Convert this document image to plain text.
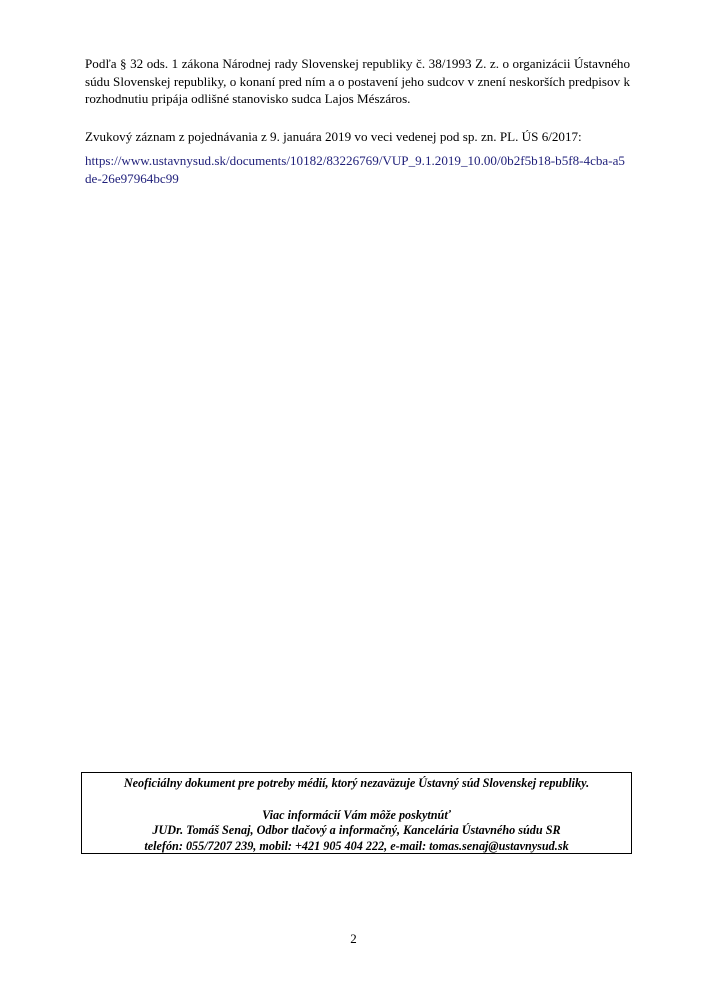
Podľa § 32 ods. 1 zákona Národnej rady Slovenskej republiky č. 38/1993 Z. z. o organizácii Ústavného súdu Slovenskej republiky, o konaní pred ním a o postavení jeho sudcov v znení neskorších predpisov k rozhodnutiu pripája odlišné stanovisko sudca Lajos Mészáros.

Zvukový záznam z pojednávania z 9. januára 2019 vo veci vedenej pod sp. zn. PL. ÚS 6/2017:

https://www.ustavnysud.sk/documents/10182/83226769/VUP_9.1.2019_10.00/0b2f5b18-b5f8-4cba-a5de-26e97964bc99
Neoficiálny dokument pre potreby médií, ktorý nezaväzuje Ústavný súd Slovenskej republiky.
Viac informácií Vám môže poskytnúť
JUDr. Tomáš Senaj, Odbor tlačový a informačný, Kancelária Ústavného súdu SR
telefón: 055/7207 239, mobil: +421 905 404 222, e-mail: tomas.senaj@ustavnysud.sk
2
